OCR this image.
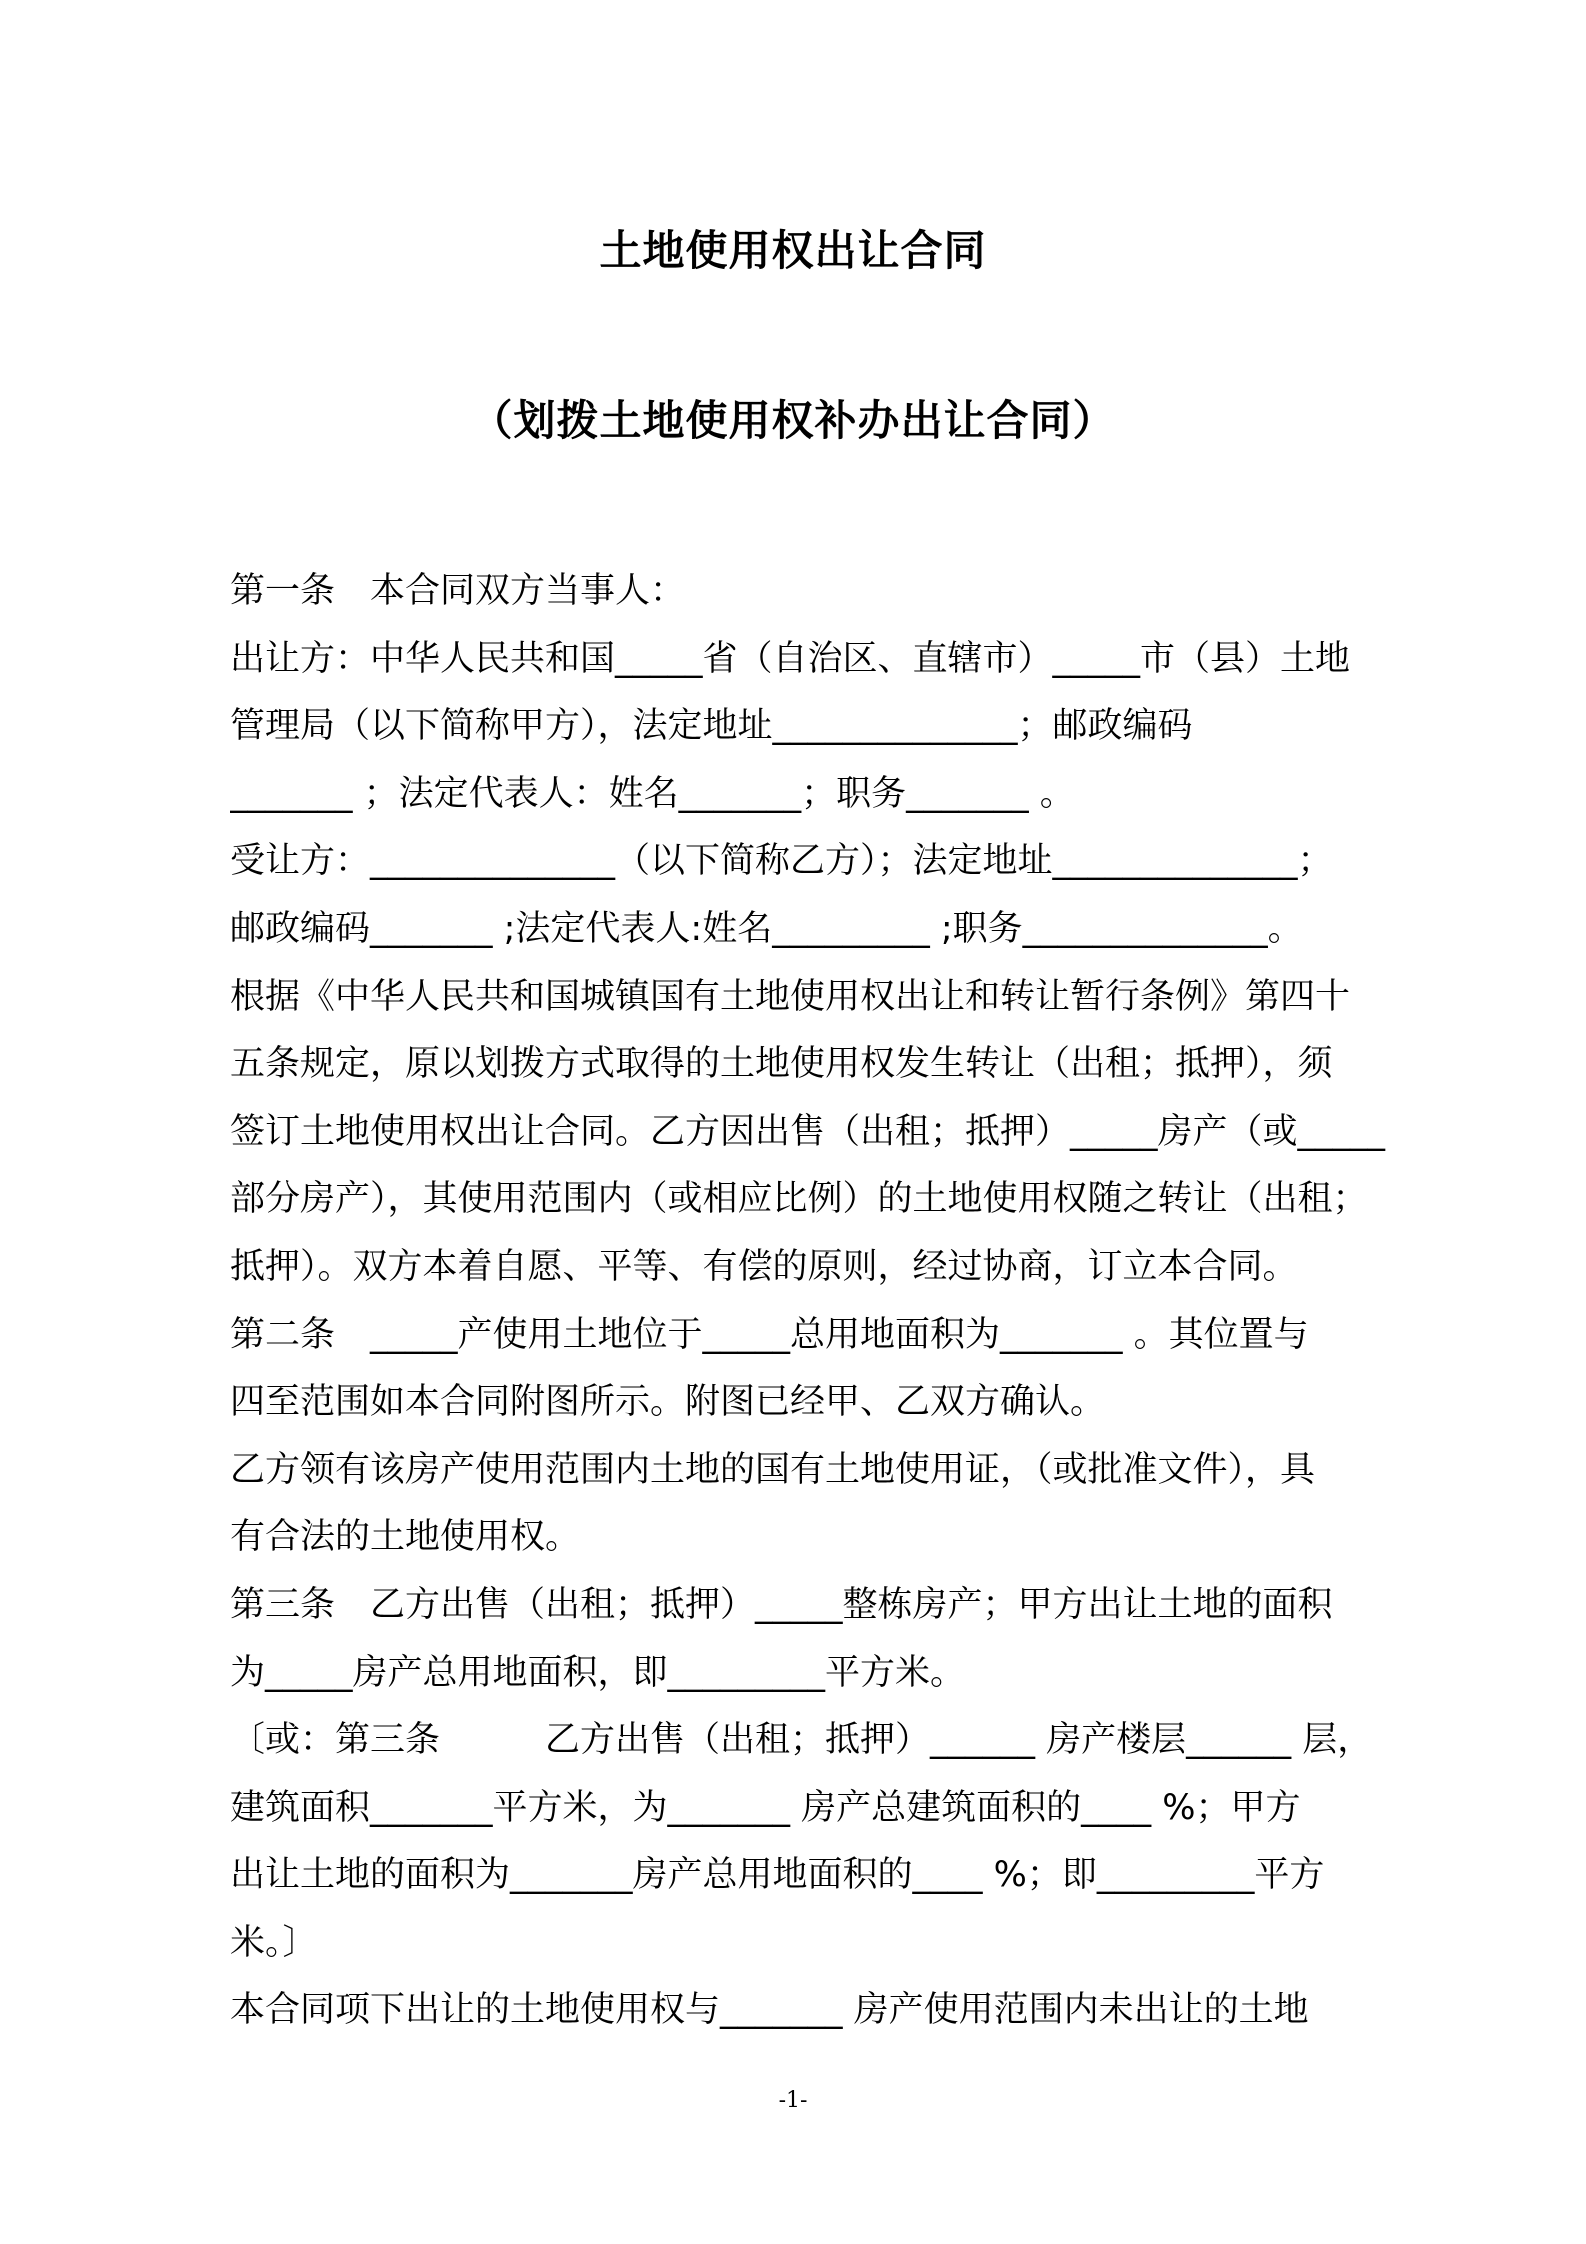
土地使用权出让合同
（划拨土地使用权补办出让合同）
第一条　本合同双方当事人：
出让方：中华人民共和国_____省（自治区、直辖市）_____市（县）土地
管理局（以下简称甲方），法定地址______________；邮政编码
_______ ；法定代表人：姓名_______；职务_______ 。
受让方：______________（以下简称乙方）；法定地址______________；
邮政编码_______ ;法定代表人:姓名_________ ;职务______________。
根据《中华人民共和国城镇国有土地使用权出让和转让暂行条例》第四十
五条规定，原以划拨方式取得的土地使用权发生转让（出租；抵押），须
签订土地使用权出让合同。乙方因出售（出租；抵押）_____房产（或_____
部分房产），其使用范围内（或相应比例）的土地使用权随之转让（出租；
抵押）。双方本着自愿、平等、有偿的原则，经过协商，订立本合同。
第二条　_____产使用土地位于_____总用地面积为_______ 。其位置与
四至范围如本合同附图所示。附图已经甲、乙双方确认。
乙方领有该房产使用范围内土地的国有土地使用证，（或批准文件），具
有合法的土地使用权。
第三条　乙方出售（出租；抵押）_____整栋房产；甲方出让土地的面积
为_____房产总用地面积，即_________平方米。
〔或：第三条　　　乙方出售（出租；抵押）______ 房产楼层______ 层，
建筑面积_______平方米，为_______ 房产总建筑面积的____ %；甲方
出让土地的面积为_______房产总用地面积的____ %；即_________平方
米。〕
本合同项下出让的土地使用权与_______ 房产使用范围内未出让的土地
-1-
